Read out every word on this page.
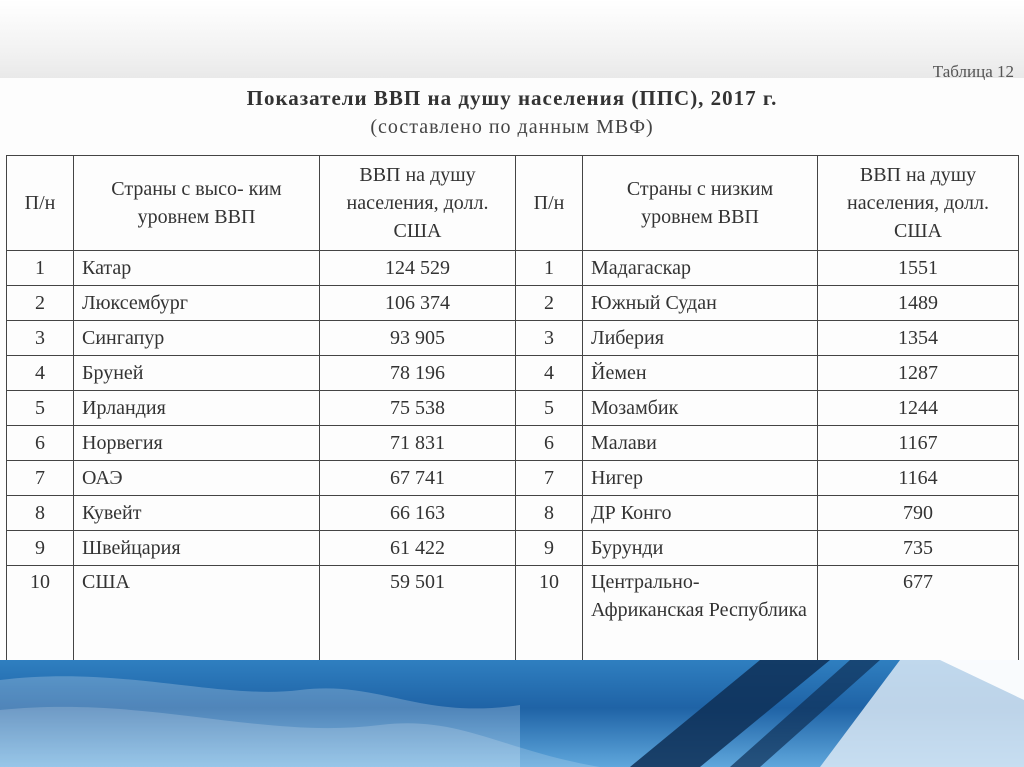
Таблица 12
Показатели ВВП на душу населения (ППС), 2017 г.
(составлено по данным МВФ)
П/н	Страны с высо- ким уровнем ВВП	ВВП на душу населения, долл. США	П/н	Страны с низким уровнем ВВП	ВВП на душу населения, долл. США
1	Катар	124 529	1	Мадагаскар	1551
2	Люксембург	106 374	2	Южный Судан	1489
3	Сингапур	93 905	3	Либерия	1354
4	Бруней	78 196	4	Йемен	1287
5	Ирландия	75 538	5	Мозамбик	1244
6	Норвегия	71 831	6	Малави	1167
7	ОАЭ	67 741	7	Нигер	1164
8	Кувейт	66 163	8	ДР Конго	790
9	Швейцария	61 422	9	Бурунди	735
10	США	59 501	10	Центрально- Африканская Республика	677
